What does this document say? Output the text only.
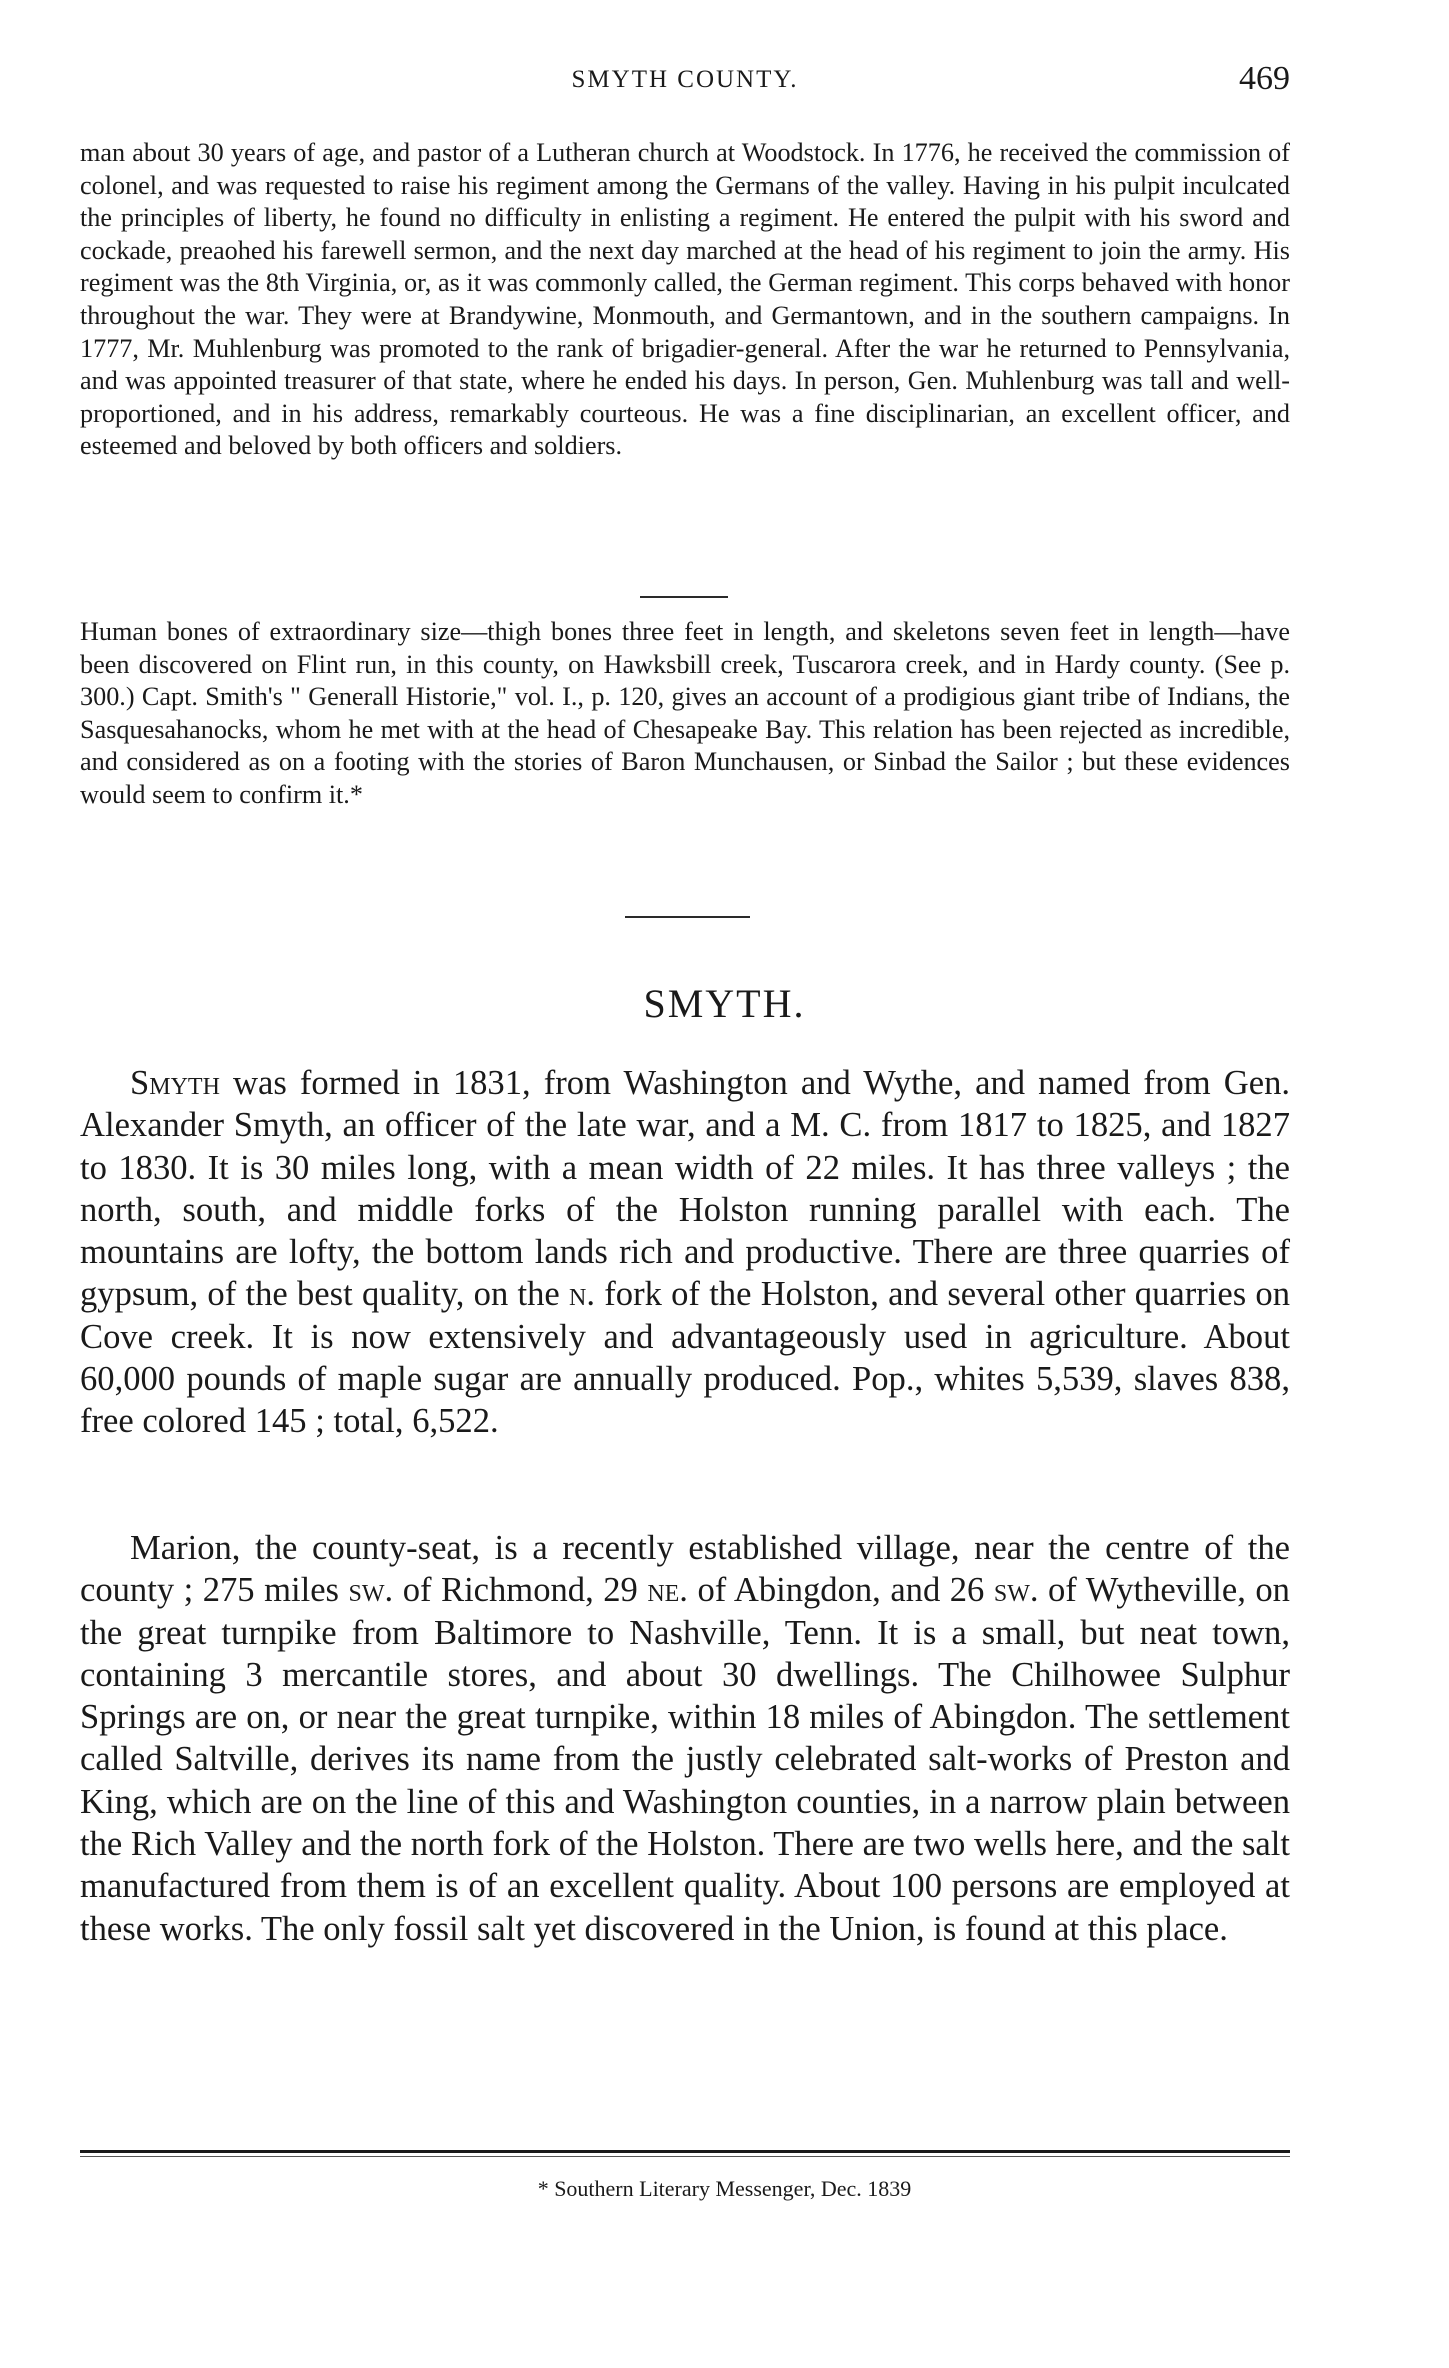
SMYTH COUNTY.	469

man about 30 years of age, and pastor of a Lutheran church at Woodstock. In 1776, he received the commission of colonel, and was requested to raise his regiment among the Germans of the valley. Having in his pulpit inculcated the principles of liberty, he found no difficulty in enlisting a regiment. He entered the pulpit with his sword and cockade, preaohed his farewell sermon, and the next day marched at the head of his regiment to join the army. His regiment was the 8th Virginia, or, as it was commonly called, the German regiment. This corps behaved with honor throughout the war. They were at Brandywine, Monmouth, and Germantown, and in the southern campaigns. In 1777, Mr. Muhlenburg was promoted to the rank of brigadier-general. After the war he returned to Pennsylvania, and was appointed treasurer of that state, where he ended his days. In person, Gen. Muhlenburg was tall and well-proportioned, and in his address, remarkably courteous. He was a fine disciplinarian, an excellent officer, and esteemed and beloved by both officers and soldiers.

Human bones of extraordinary size—thigh bones three feet in length, and skeletons seven feet in length—have been discovered on Flint run, in this county, on Hawksbill creek, Tuscarora creek, and in Hardy county. (See p. 300.) Capt. Smith's " Generall Historie," vol. I., p. 120, gives an account of a prodigious giant tribe of Indians, the Sasquesahanocks, whom he met with at the head of Chesapeake Bay. This relation has been rejected as incredible, and considered as on a footing with the stories of Baron Munchausen, or Sinbad the Sailor ; but these evidences would seem to confirm it.*

SMYTH.

Smyth was formed in 1831, from Washington and Wythe, and named from Gen. Alexander Smyth, an officer of the late war, and a M. C. from 1817 to 1825, and 1827 to 1830. It is 30 miles long, with a mean width of 22 miles. It has three valleys ; the north, south, and middle forks of the Holston running parallel with each. The mountains are lofty, the bottom lands rich and productive. There are three quarries of gypsum, of the best quality, on the n. fork of the Holston, and several other quarries on Cove creek. It is now extensively and advantageously used in agriculture. About 60,000 pounds of maple sugar are annually produced. Pop., whites 5,539, slaves 838, free colored 145 ; total, 6,522.

Marion, the county-seat, is a recently established village, near the centre of the county ; 275 miles sw. of Richmond, 29 ne. of Abingdon, and 26 sw. of Wytheville, on the great turnpike from Baltimore to Nashville, Tenn. It is a small, but neat town, containing 3 mercantile stores, and about 30 dwellings. The Chilhowee Sulphur Springs are on, or near the great turnpike, within 18 miles of Abingdon. The settlement called Saltville, derives its name from the justly celebrated salt-works of Preston and King, which are on the line of this and Washington counties, in a narrow plain between the Rich Valley and the north fork of the Holston. There are two wells here, and the salt manufactured from them is of an excellent quality. About 100 persons are employed at these works. The only fossil salt yet discovered in the Union, is found at this place.

* Southern Literary Messenger, Dec. 1839
